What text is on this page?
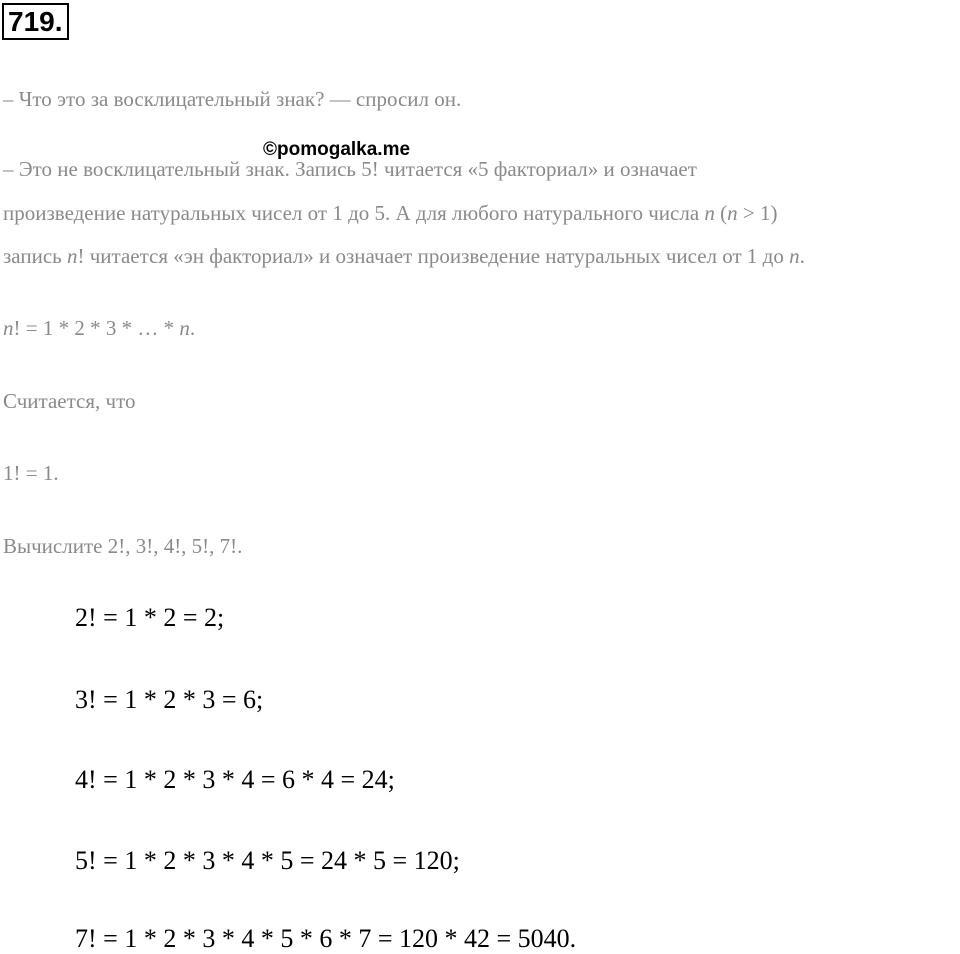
719.
– Что это за восклицательный знак? — спросил он.
– Это не восклицательный знак. Запись 5! читается «5 факториал» и означает
©pomogalka.me
произведение натуральных чисел от 1 до 5. А для любого натурального числа n (n > 1)
запись n! читается «эн факториал» и означает произведение натуральных чисел от 1 до n.
n! = 1 * 2 * 3 * … * n.
Считается, что
1! = 1.
Вычислите 2!, 3!, 4!, 5!, 7!.
2! = 1 * 2 = 2;
3! = 1 * 2 * 3 = 6;
4! = 1 * 2 * 3 * 4 = 6 * 4 = 24;
5! = 1 * 2 * 3 * 4 * 5 = 24 * 5 = 120;
7! = 1 * 2 * 3 * 4 * 5 * 6 * 7 = 120 * 42 = 5040.
